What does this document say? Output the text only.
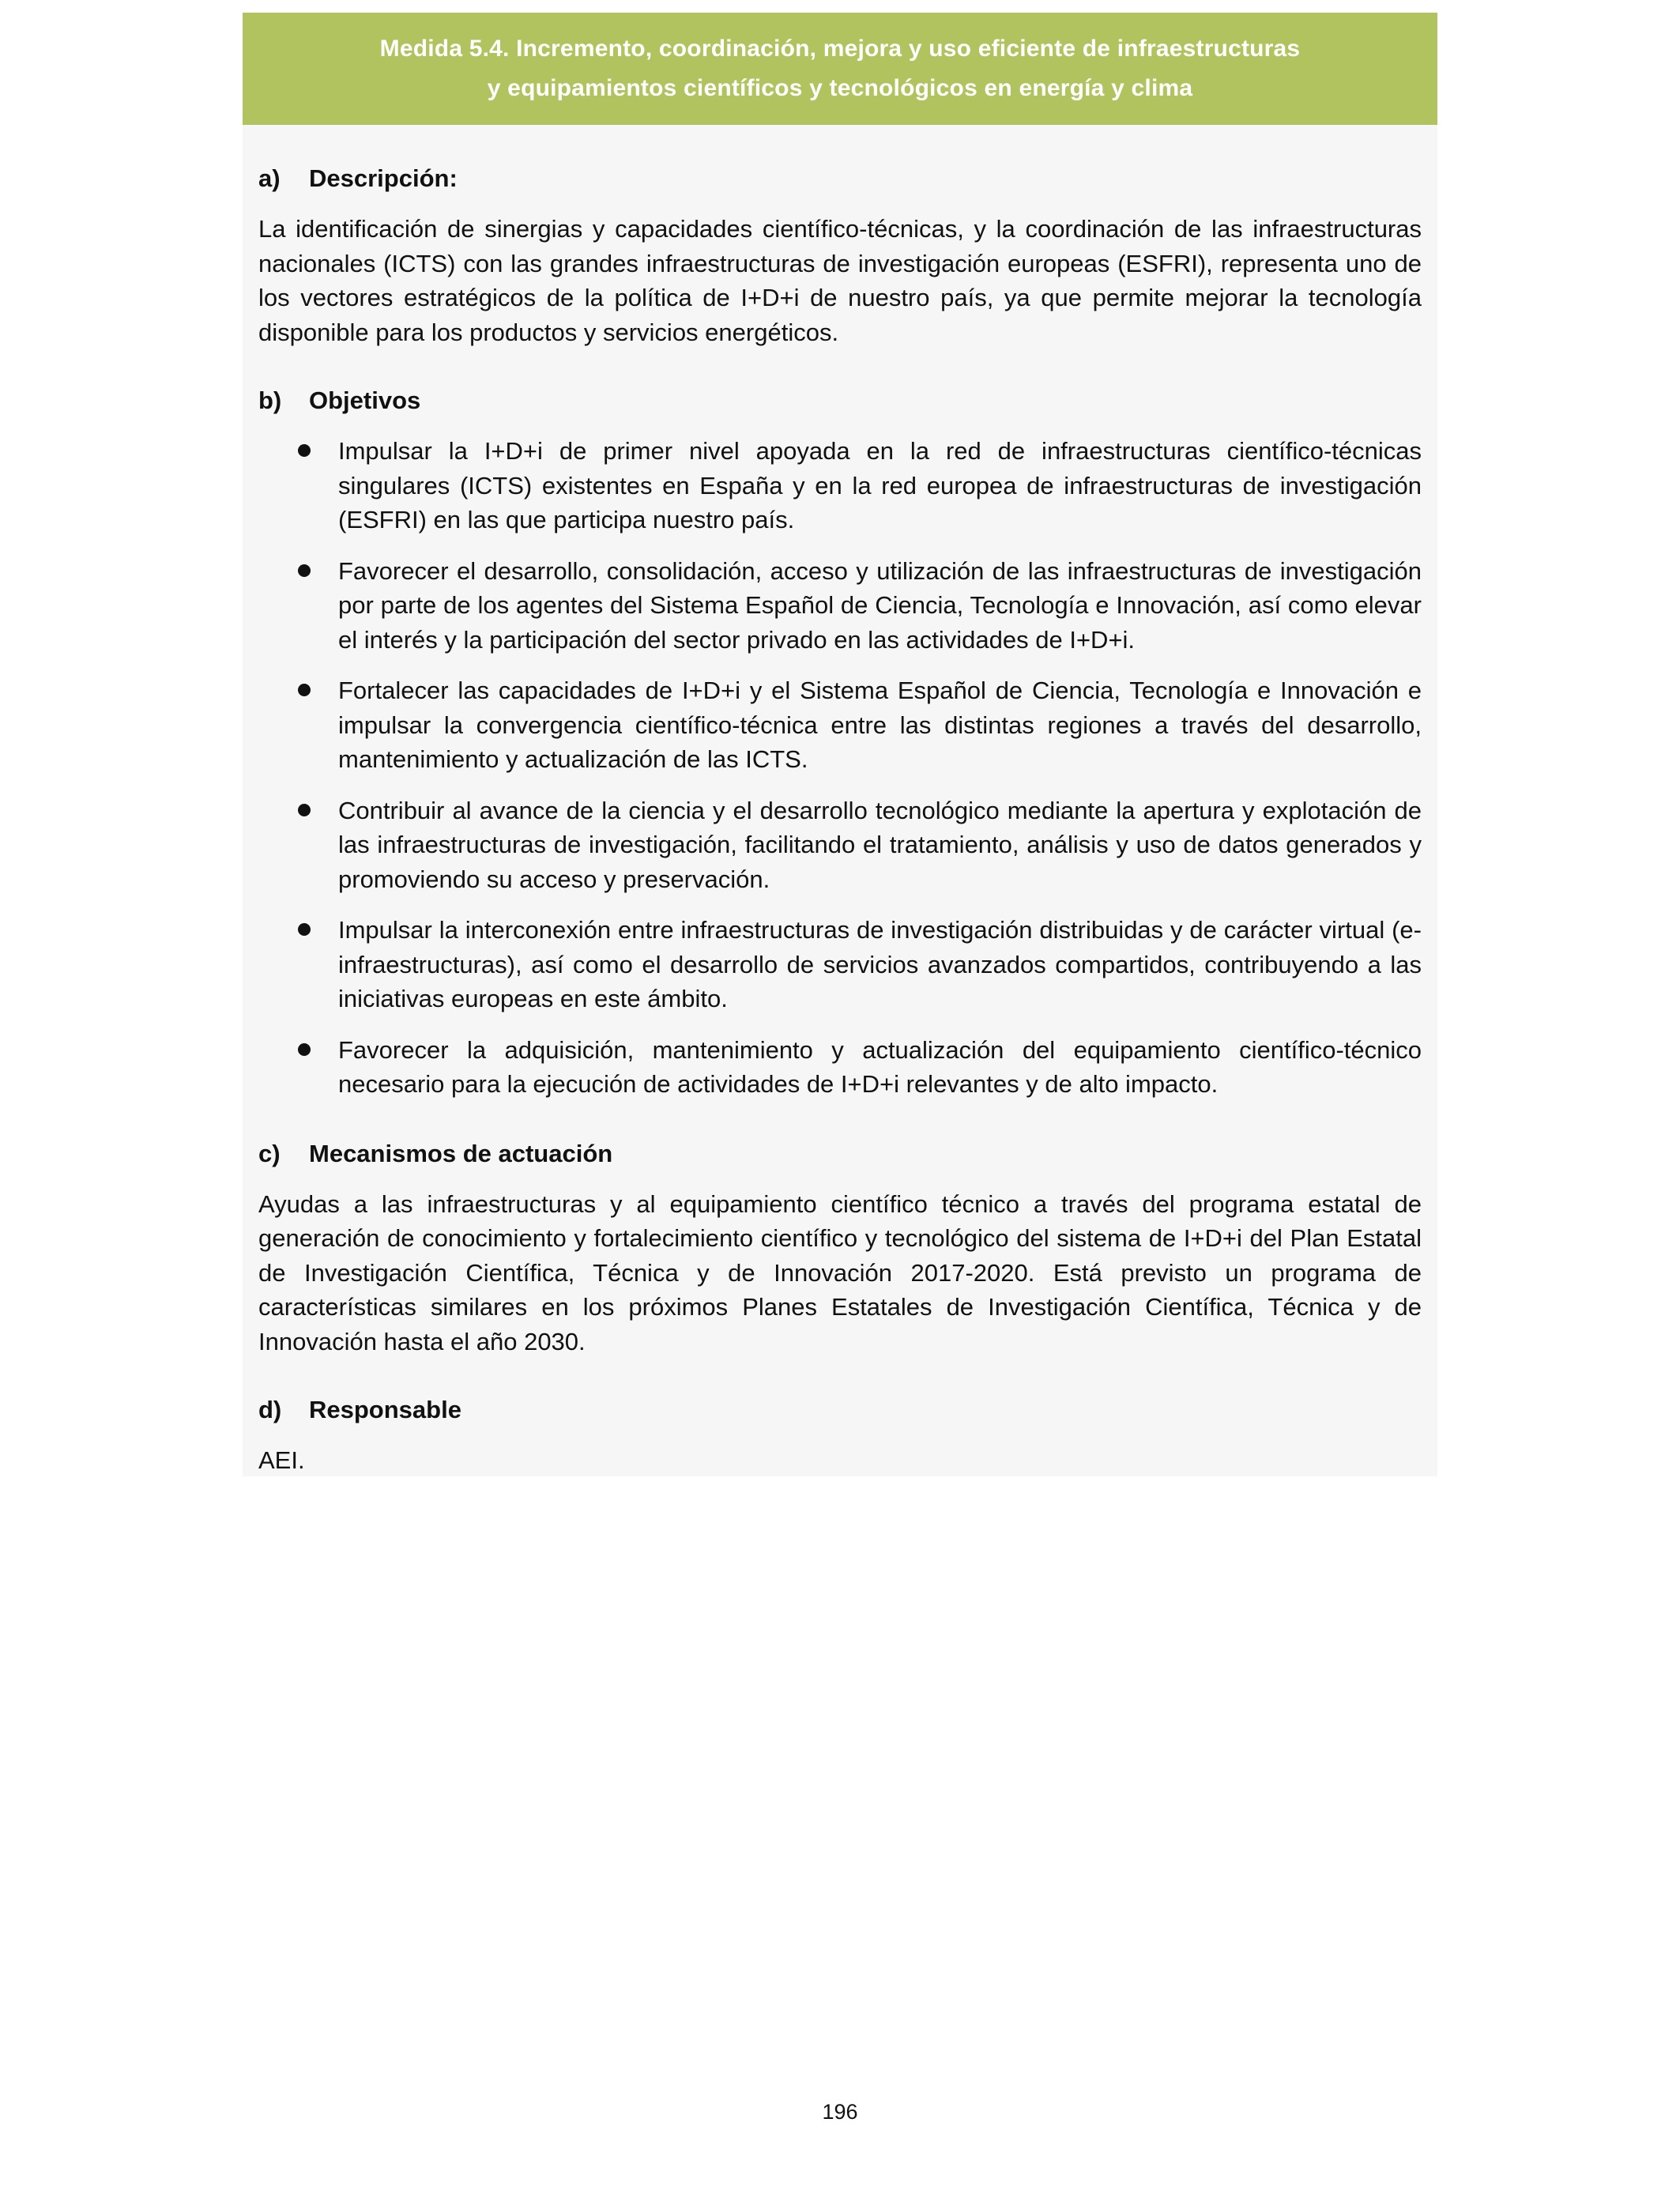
Medida 5.4. Incremento, coordinación, mejora y uso eficiente de infraestructuras
y equipamientos científicos y tecnológicos en energía y clima
a)	Descripción:

La identificación de sinergias y capacidades científico-técnicas, y la coordinación de las infraestructuras nacionales (ICTS) con las grandes infraestructuras de investigación europeas (ESFRI), representa uno de los vectores estratégicos de la política de I+D+i de nuestro país, ya que permite mejorar la tecnología disponible para los productos y servicios energéticos.

b)	Objetivos
Impulsar la I+D+i de primer nivel apoyada en la red de infraestructuras científico-técnicas singulares (ICTS) existentes en España y en la red europea de infraestructuras de investigación (ESFRI) en las que participa nuestro país.
Favorecer el desarrollo, consolidación, acceso y utilización de las infraestructuras de investigación por parte de los agentes del Sistema Español de Ciencia, Tecnología e Innovación, así como elevar el interés y la participación del sector privado en las actividades de I+D+i.
Fortalecer las capacidades de I+D+i y el Sistema Español de Ciencia, Tecnología e Innovación e impulsar la convergencia científico-técnica entre las distintas regiones a través del desarrollo, mantenimiento y actualización de las ICTS.
Contribuir al avance de la ciencia y el desarrollo tecnológico mediante la apertura y explotación de las infraestructuras de investigación, facilitando el tratamiento, análisis y uso de datos generados y promoviendo su acceso y preservación.
Impulsar la interconexión entre infraestructuras de investigación distribuidas y de carácter virtual (e-infraestructuras), así como el desarrollo de servicios avanzados compartidos, contribuyendo a las iniciativas europeas en este ámbito.
Favorecer la adquisición, mantenimiento y actualización del equipamiento científico-técnico necesario para la ejecución de actividades de I+D+i relevantes y de alto impacto.
c)	Mecanismos de actuación

Ayudas a las infraestructuras y al equipamiento científico técnico a través del programa estatal de generación de conocimiento y fortalecimiento científico y tecnológico del sistema de I+D+i del Plan Estatal de Investigación Científica, Técnica y de Innovación 2017-2020. Está previsto un programa de características similares en los próximos Planes Estatales de Investigación Científica, Técnica y de Innovación hasta el año 2030.

d)	Responsable

AEI.

196
